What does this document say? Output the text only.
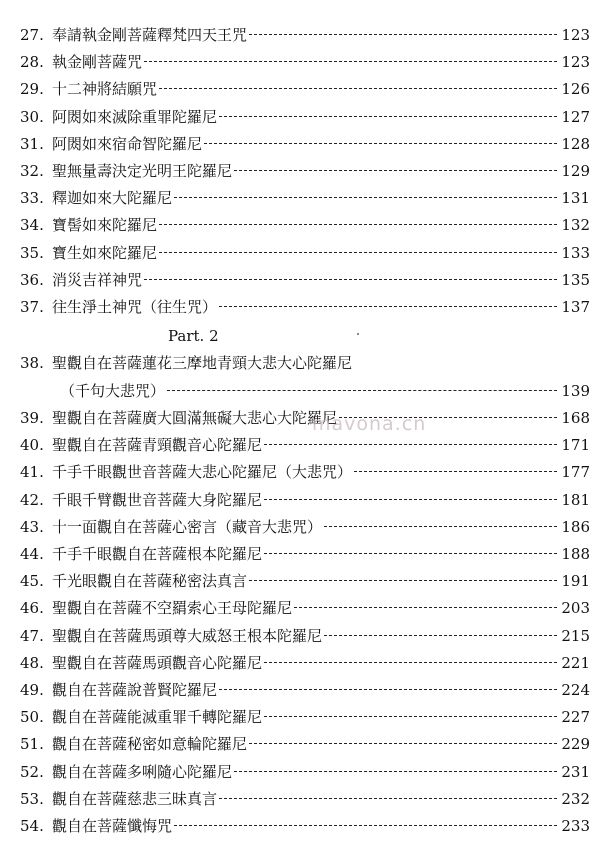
27. 奉請執金剛菩薩釋梵四天王咒	123
28. 執金剛菩薩咒	123
29. 十二神將結願咒	126
30. 阿閦如來滅除重罪陀羅尼	127
31. 阿閦如來宿命智陀羅尼	128
32. 聖無量壽決定光明王陀羅尼	129
33. 釋迦如來大陀羅尼	131
34. 寶髻如來陀羅尼	132
35. 寶生如來陀羅尼	133
36. 消災吉祥神咒	135
37. 往生淨土神咒（往生咒）	137
Part. 2
38. 聖觀自在菩薩蓮花三摩地青頸大悲大心陀羅尼
（千句大悲咒）	139
39. 聖觀自在菩薩廣大圓滿無礙大悲心大陀羅尼	168
40. 聖觀自在菩薩青頸觀音心陀羅尼	171
41. 千手千眼觀世音菩薩大悲心陀羅尼（大悲咒）	177
42. 千眼千臂觀世音菩薩大身陀羅尼	181
43. 十一面觀自在菩薩心密言（藏音大悲咒）	186
44. 千手千眼觀自在菩薩根本陀羅尼	188
45. 千光眼觀自在菩薩秘密法真言	191
46. 聖觀自在菩薩不空羂索心王母陀羅尼	203
47. 聖觀自在菩薩馬頭尊大威怒王根本陀羅尼	215
48. 聖觀自在菩薩馬頭觀音心陀羅尼	221
49. 觀自在菩薩說普賢陀羅尼	224
50. 觀自在菩薩能滅重罪千轉陀羅尼	227
51. 觀自在菩薩秘密如意輪陀羅尼	229
52. 觀自在菩薩多唎隨心陀羅尼	231
53. 觀自在菩薩慈悲三昧真言	232
54. 觀自在菩薩懺悔咒	233
mavona.cn
